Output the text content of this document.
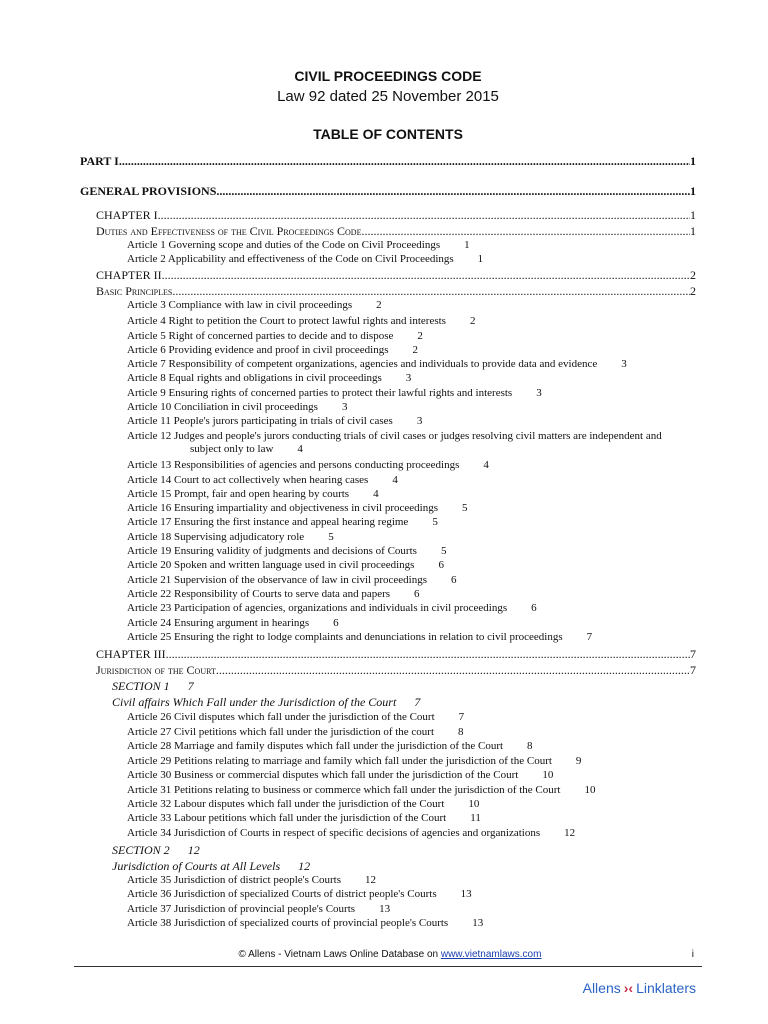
CIVIL PROCEEDINGS CODE
Law 92 dated 25 November 2015
TABLE OF CONTENTS
PART I .....	1
GENERAL PROVISIONS .....	1
CHAPTER I .....	1
Duties and Effectiveness of the Civil Proceedings Code .....	1
Article 1 Governing scope and duties of the Code on Civil Proceedings 1
Article 2 Applicability and effectiveness of the Code on Civil Proceedings 1
CHAPTER II .....	2
Basic Principles .....	2
Article 3 Compliance with law in civil proceedings 2
Article 4 Right to petition the Court to protect lawful rights and interests 2
Article 5 Right of concerned parties to decide and to dispose 2
Article 6 Providing evidence and proof in civil proceedings 2
Article 7 Responsibility of competent organizations, agencies and individuals to provide data and evidence 3
Article 8 Equal rights and obligations in civil proceedings 3
Article 9 Ensuring rights of concerned parties to protect their lawful rights and interests 3
Article 10 Conciliation in civil proceedings 3
Article 11 People's jurors participating in trials of civil cases 3
Article 12 Judges and people's jurors conducting trials of civil cases or judges resolving civil matters are independent and
subject only to law 4
Article 13 Responsibilities of agencies and persons conducting proceedings 4
Article 14 Court to act collectively when hearing cases 4
Article 15 Prompt, fair and open hearing by courts 4
Article 16 Ensuring impartiality and objectiveness in civil proceedings 5
Article 17 Ensuring the first instance and appeal hearing regime 5
Article 18 Supervising adjudicatory role 5
Article 19 Ensuring validity of judgments and decisions of Courts 5
Article 20 Spoken and written language used in civil proceedings 6
Article 21 Supervision of the observance of law in civil proceedings 6
Article 22 Responsibility of Courts to serve data and papers 6
Article 23 Participation of agencies, organizations and individuals in civil proceedings 6
Article 24 Ensuring argument in hearings 6
Article 25 Ensuring the right to lodge complaints and denunciations in relation to civil proceedings 7
CHAPTER III .....	7
Jurisdiction of the Court .....	7
SECTION 1 7
Civil affairs Which Fall under the Jurisdiction of the Court 7
Article 26 Civil disputes which fall under the jurisdiction of the Court 7
Article 27 Civil petitions which fall under the jurisdiction of the court 8
Article 28 Marriage and family disputes which fall under the jurisdiction of the Court 8
Article 29 Petitions relating to marriage and family which fall under the jurisdiction of the Court 9
Article 30 Business or commercial disputes which fall under the jurisdiction of the Court 10
Article 31 Petitions relating to business or commerce which fall under the jurisdiction of the Court 10
Article 32 Labour disputes which fall under the jurisdiction of the Court 10
Article 33 Labour petitions which fall under the jurisdiction of the Court 11
Article 34 Jurisdiction of Courts in respect of specific decisions of agencies and organizations 12
SECTION 2 12
Jurisdiction of Courts at All Levels 12
Article 35 Jurisdiction of district people's Courts 12
Article 36 Jurisdiction of specialized Courts of district people's Courts 13
Article 37 Jurisdiction of provincial people's Courts 13
Article 38 Jurisdiction of specialized courts of provincial people's Courts 13
© Allens - Vietnam Laws Online Database on www.vietnamlaws.com	i
Allens ›‹ Linklaters
